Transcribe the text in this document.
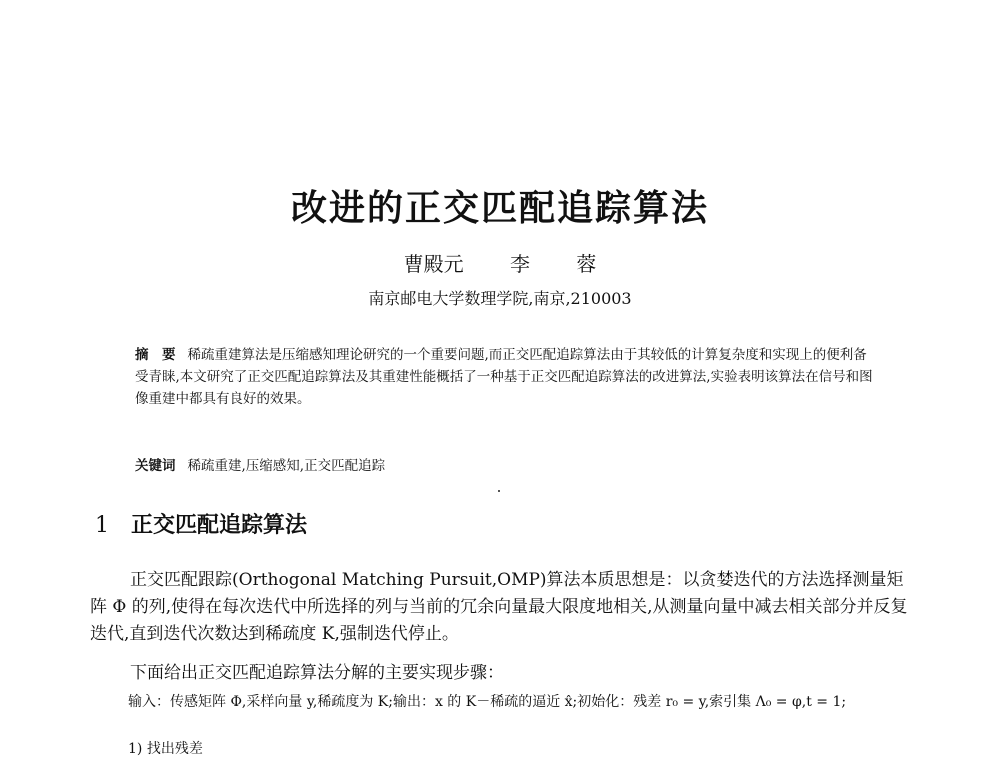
改进的正交匹配追踪算法
曹殿元 李 蓉
南京邮电大学数理学院,南京,210003
摘　要 稀疏重建算法是压缩感知理论研究的一个重要问题,而正交匹配追踪算法由于其较低的计算复杂度和实现上的便利备受青睐,本文研究了正交匹配追踪算法及其重建性能概括了一种基于正交匹配追踪算法的改进算法,实验表明该算法在信号和图像重建中都具有良好的效果。
关键词 稀疏重建,压缩感知,正交匹配追踪
1 正交匹配追踪算法
正交匹配跟踪(Orthogonal Matching Pursuit,OMP)算法本质思想是：以贪婪迭代的方法选择测量矩阵 Φ 的列,使得在每次迭代中所选择的列与当前的冗余向量最大限度地相关,从测量向量中减去相关部分并反复迭代,直到迭代次数达到稀疏度 K,强制迭代停止。
下面给出正交匹配追踪算法分解的主要实现步骤：
输入：传感矩阵 Φ,采样向量 y,稀疏度为 K;输出：x 的 K－稀疏的逼近 x̂;初始化：残差 r₀ = y,索引集 Λ₀ = φ,t = 1;
1) 找出残差
